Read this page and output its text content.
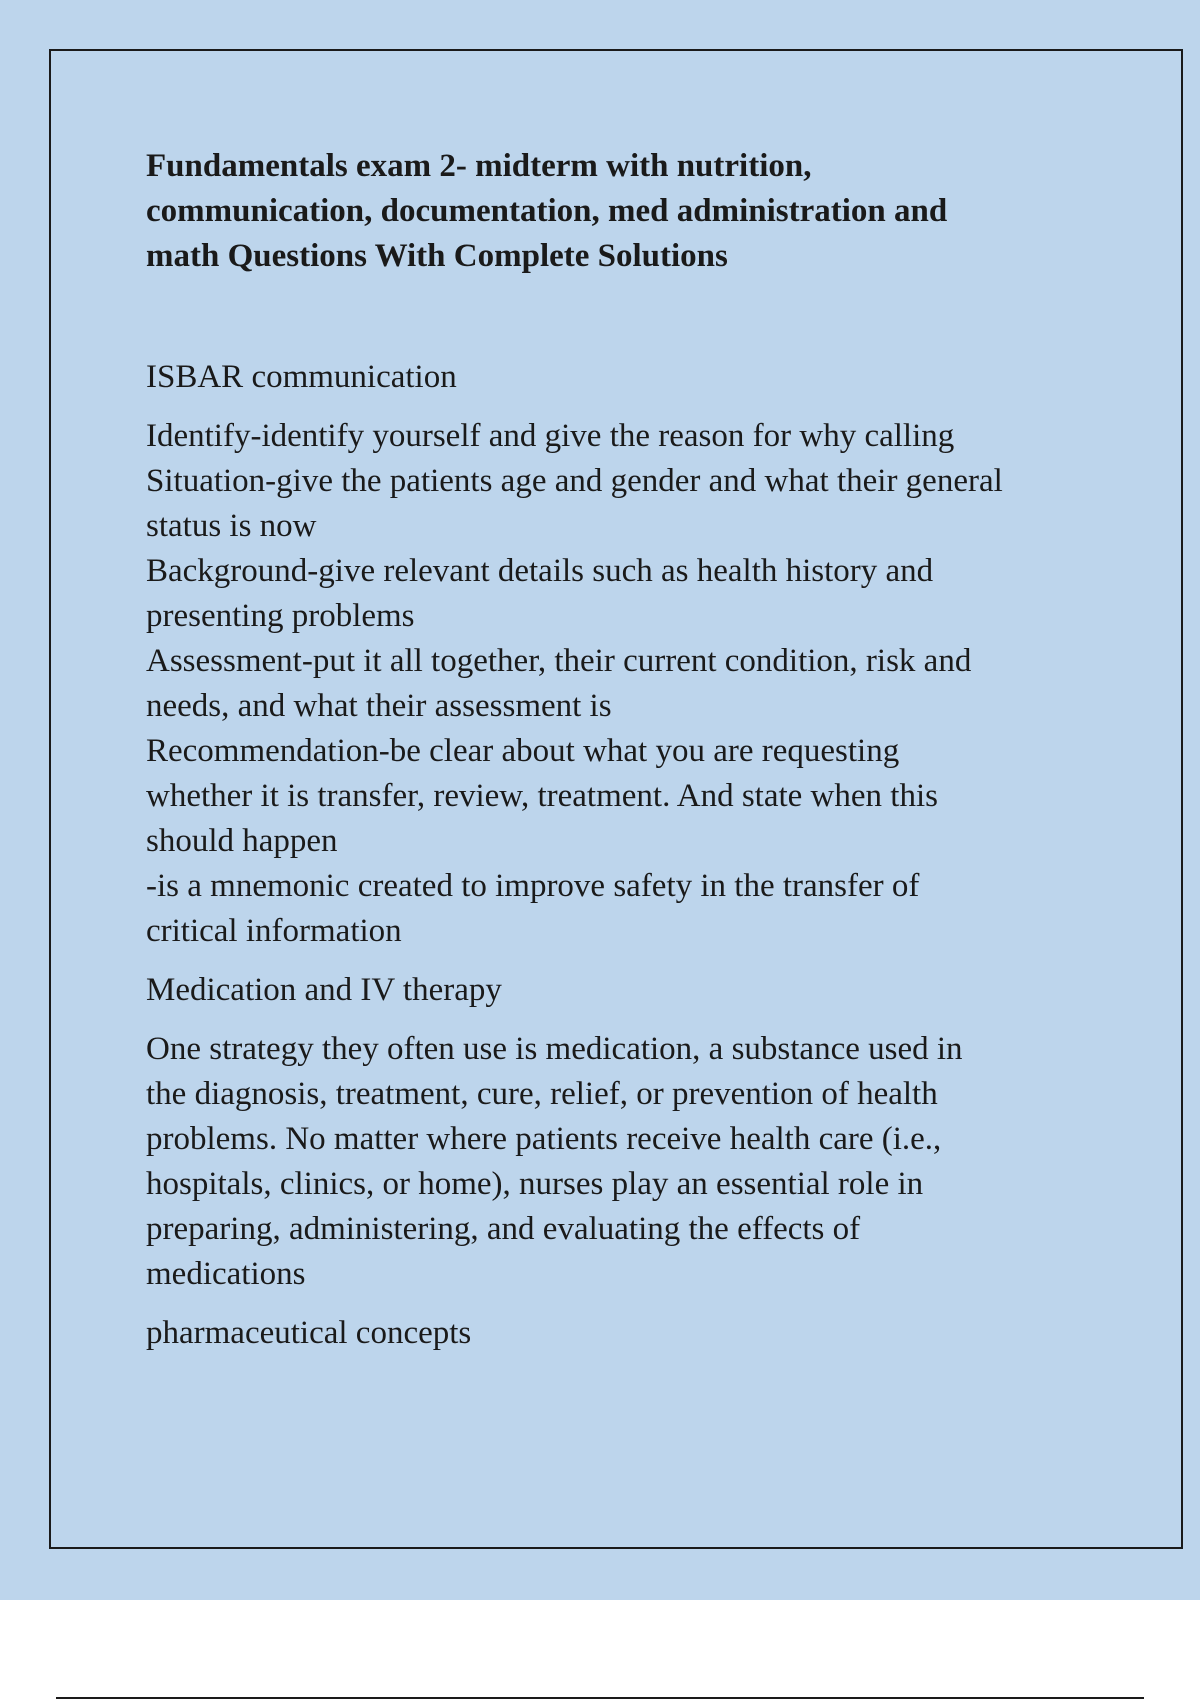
Fundamentals exam 2- midterm with nutrition,
communication, documentation, med administration and
math Questions With Complete Solutions
ISBAR communication
Identify-identify yourself and give the reason for why calling
Situation-give the patients age and gender and what their general
status is now
Background-give relevant details such as health history and
presenting problems
Assessment-put it all together, their current condition, risk and
needs, and what their assessment is
Recommendation-be clear about what you are requesting
whether it is transfer, review, treatment. And state when this
should happen
-is a mnemonic created to improve safety in the transfer of
critical information
Medication and IV therapy
One strategy they often use is medication, a substance used in
the diagnosis, treatment, cure, relief, or prevention of health
problems. No matter where patients receive health care (i.e.,
hospitals, clinics, or home), nurses play an essential role in
preparing, administering, and evaluating the effects of
medications
pharmaceutical concepts
